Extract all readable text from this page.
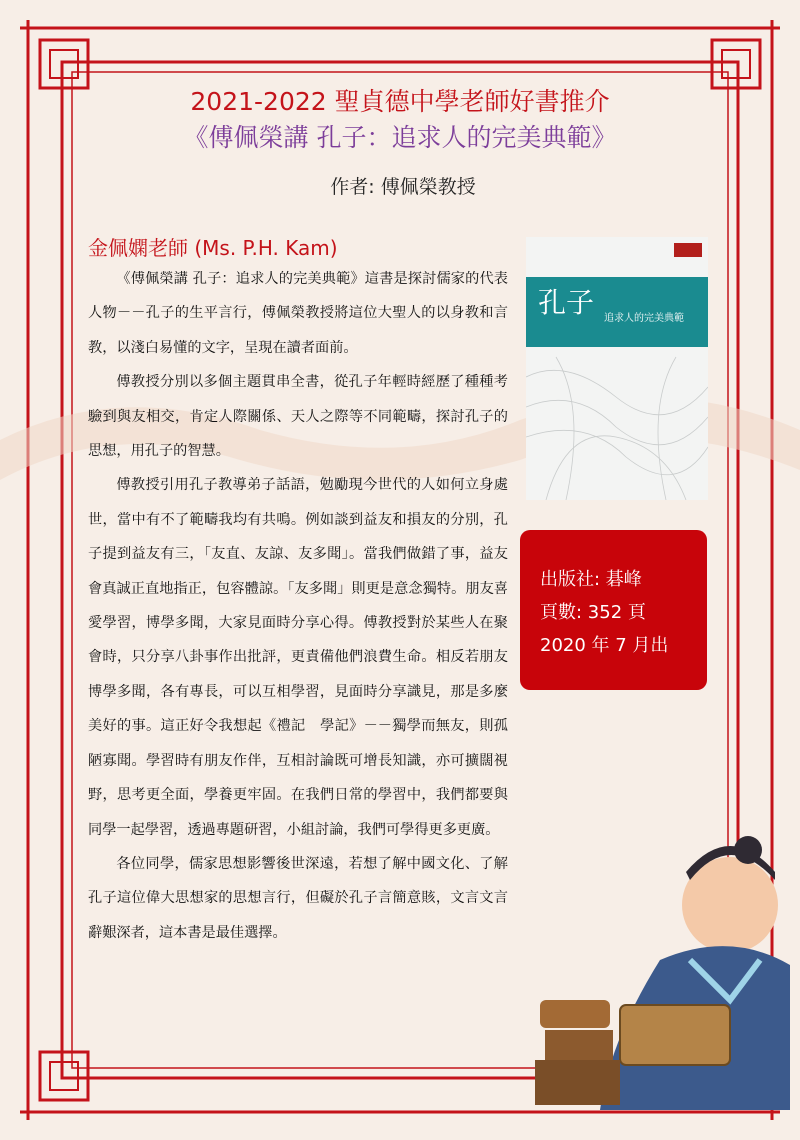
2021-2022 聖貞德中學老師好書推介
《傅佩榮講 孔子：追求人的完美典範》
作者: 傅佩榮教授
金佩嫻老師 (Ms. P.H. Kam)

《傅佩榮講 孔子：追求人的完美典範》這書是探討儒家的代表人物－－孔子的生平言行，傅佩榮教授將這位大聖人的以身教和言教，以淺白易懂的文字，呈現在讀者面前。

傅教授分別以多個主題貫串全書，從孔子年輕時經歷了種種考驗到與友相交，肯定人際關係、天人之際等不同範疇，探討孔子的思想，用孔子的智慧。

傅教授引用孔子教導弟子話語，勉勵現今世代的人如何立身處世，當中有不了範疇我均有共鳴。例如談到益友和損友的分別，孔子提到益友有三，「友直、友諒、友多聞」。當我們做錯了事，益友會真誠正直地指正，包容體諒。「友多聞」則更是意念獨特。朋友喜愛學習，博學多聞，大家見面時分享心得。傅教授對於某些人在聚會時，只分享八卦事作出批評，更責備他們浪費生命。相反若朋友博學多聞，各有專長，可以互相學習，見面時分享識見，那是多麼美好的事。這正好令我想起《禮記　學記》－－獨學而無友，則孤陋寡聞。學習時有朋友作伴，互相討論既可增長知識，亦可擴闊視野，思考更全面，學養更牢固。在我們日常的學習中，我們都要與同學一起學習，透過專題研習，小組討論，我們可學得更多更廣。

各位同學，儒家思想影響後世深遠，若想了解中國文化、了解孔子這位偉大思想家的思想言行，但礙於孔子言簡意賅，文言文言辭艱深者，這本書是最佳選擇。

孔子 追求人的完美典範
出版社: 碁峰
頁數: 352 頁
2020 年 7 月出
